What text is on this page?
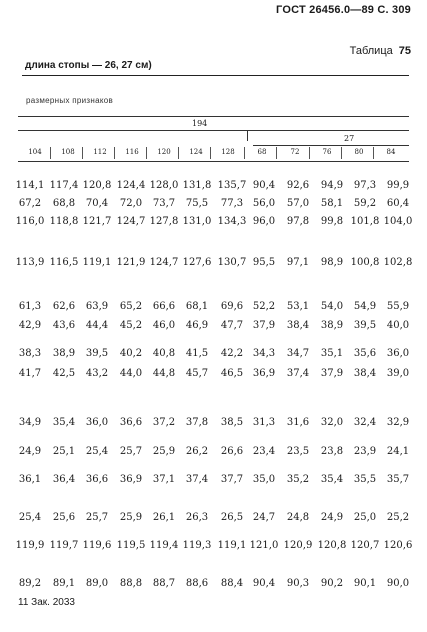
ГОСТ 26456.0—89 С. 309
Таблица 75
длина стопы — 26, 27 см)
размерных признаков
194
27
104	108	112	116	120	124	128	68	72	76	80	84
114,1 117,4 120,8 124,4 128,0 131,8 135,7 90,4	92,6	94,9	97,3	99,9
67,2	68,8	70,4	72,0	73,7	75,5	77,3 56,0	57,0	58,1	59,2	60,4
116,0 118,8 121,7 124,7 127,8 131,0 134,3 96,0	97,8	99,8 101,8 104,0
113,9 116,5 119,1 121,9 124,7 127,6 130,7 95,5	97,1	98,9 100,8 102,8
61,3	62,6	63,9	65,2	66,6	68,1	69,6 52,2	53,1	54,0	54,9	55,9
42,9	43,6	44,4	45,2	46,0	46,9	47,7 37,9	38,4	38,9	39,5	40,0
38,3	38,9	39,5	40,2	40,8	41,5	42,2 34,3	34,7	35,1	35,6	36,0
41,7	42,5	43,2	44,0	44,8	45,7	46,5 36,9	37,4	37,9	38,4	39,0
34,9	35,4	36,0	36,6	37,2	37,8	38,5 31,3	31,6	32,0	32,4	32,9
24,9	25,1	25,4	25,7	25,9	26,2	26,6 23,4	23,5	23,8	23,9	24,1
36,1	36,4	36,6	36,9	37,1	37,4	37,7 35,0	35,2	35,4	35,5	35,7
25,4	25,6	25,7	25,9	26,1	26,3	26,5 24,7	24,8	24,9	25,0	25,2
119,9 119,7 119,6 119,5 119,4 119,3 119,1 121,0 120,9 120,8 120,7 120,6
89,2	89,1	89,0	88,8	88,7	88,6	88,4 90,4	90,3	90,2	90,1	90,0
11 Зак. 2033
